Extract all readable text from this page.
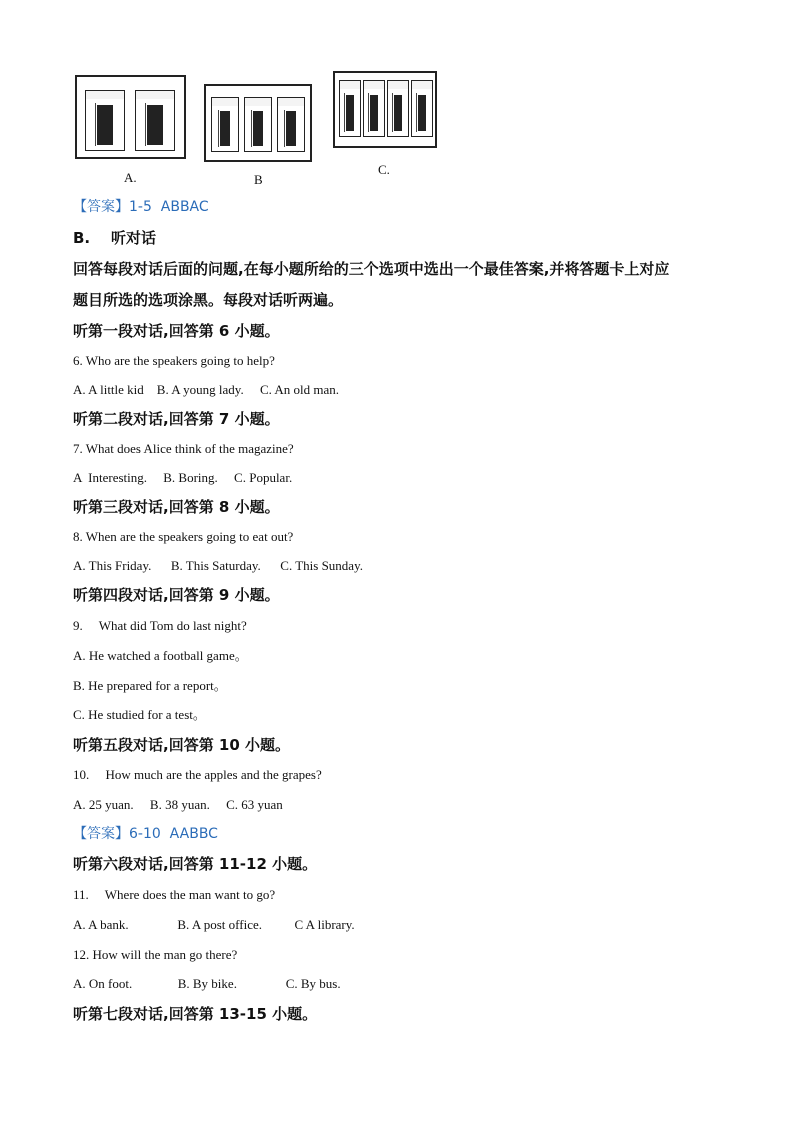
A.	B
C.
【答案】1-5  ABBAC
B.    听对话
回答每段对话后面的问题,在每小题所给的三个选项中选出一个最佳答案,并将答题卡上对应
题目所选的选项涂黑。每段对话听两遍。
听第一段对话,回答第 6 小题。
6. Who are the speakers going to help?
A. A little kid    B. A young lady.     C. An old man.
听第二段对话,回答第 7 小题。
7. What does Alice think of the magazine?
A  Interesting.     B. Boring.     C. Popular.
听第三段对话,回答第 8 小题。
8. When are the speakers going to eat out?
A. This Friday.      B. This Saturday.      C. This Sunday.
听第四段对话,回答第 9 小题。
9.     What did Tom do last night?
A. He watched a football game。
B. He prepared for a report。
C. He studied for a test。
听第五段对话,回答第 10 小题。
10.     How much are the apples and the grapes?
A. 25 yuan.     B. 38 yuan.     C. 63 yuan
【答案】6-10  AABBC
听第六段对话,回答第 11-12 小题。
11.     Where does the man want to go?
A. A bank.               B. A post office.          C A library.
12. How will the man go there?
A. On foot.              B. By bike.               C. By bus.
听第七段对话,回答第 13-15 小题。
